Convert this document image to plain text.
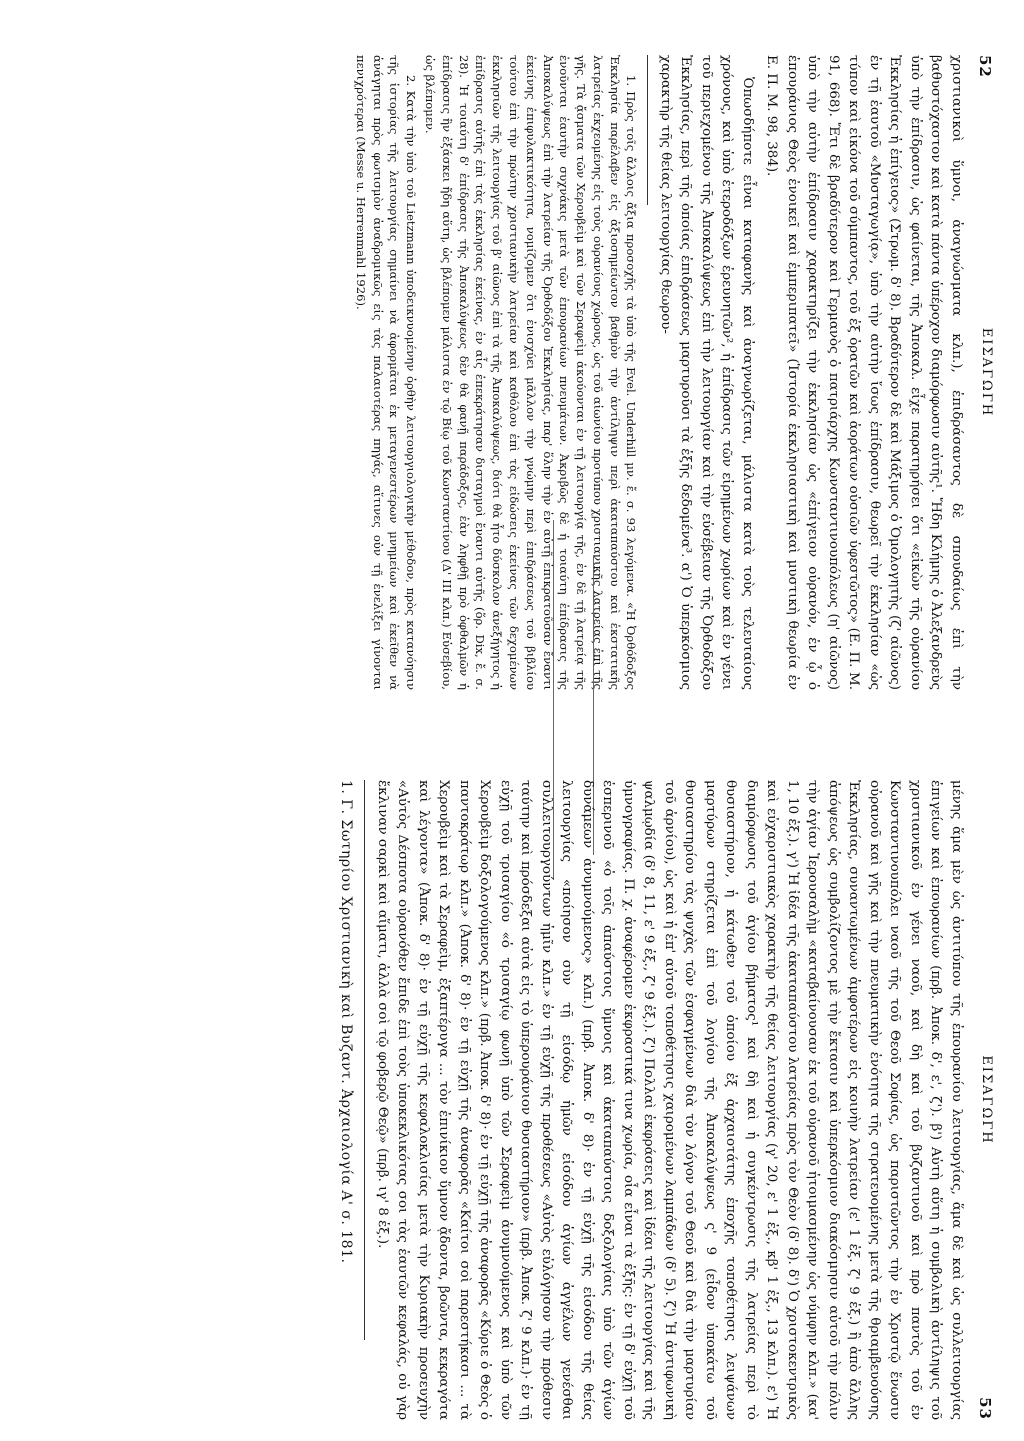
52
ΕΙΣΑΓΩΓΗ

χριστιανικοὶ ὕμνοι, ἀναγνώσματα κλπ.), ἐπιδράσαντος δὲ σπουδαίως ἐπὶ τὴν βαθυστόχαστον καὶ κατὰ πάντα ὑπέροχον διαμόρφωσιν αὐτῆς¹. Ἤδη Κλήμης ὁ Ἀλεξανδρεὺς ὑπὸ τὴν ἐπίδρασιν, ὡς φαίνεται, τῆς Ἀποκαλ. εἶχε παρατηρήσει ὅτι «εἰκὼν τῆς οὐρανίου Ἐκκλησίας ἡ ἐπίγειος» (Στρωμ. δ' 8). Βραδύτερον δὲ καὶ Μάξιμος ὁ Ὁμολογητὴς (ζ' αἰῶνος) ἐν τῇ ἑαυτοῦ «Μυσταγωγίᾳ», ὑπὸ τὴν αὐτὴν ἴσως ἐπίδρασιν, θεωρεῖ τὴν ἐκκλησίαν «ὡς τύπον καὶ εἰκόνα τοῦ σύμπαντος, τοῦ ἐξ ὁρατῶν καὶ ἀοράτων οὐσιῶν ὑφεστῶτος» (Ε. Π. Μ. 91, 668). Ἔτι δὲ βραδύτερον καὶ Γερμανὸς ὁ πατριάρχης Κωνσταντινουπόλεως (η' αἰῶνος) ὑπὸ τὴν αὐτὴν ἐπίδρασιν χαρακτηρίζει τὴν ἐκκλησίαν ὡς «ἐπίγειον οὐρανόν, ἐν ᾧ ὁ ἐπουράνιος Θεὸς ἐνοικεῖ καὶ ἐμπεριπατεῖ» (Ἱστορία ἐκκλησιαστικὴ καὶ μυστικὴ θεωρία ἐν Ε. Π. Μ. 98, 384).

Ὁπωσδήποτε εἶναι καταφανὴς καὶ ἀναγνωρίζεται, μάλιστα κατὰ τοὺς τελευταίους χρόνους, καὶ ὑπὸ ἑτεροδόξων ἐρευνητῶν², ἡ ἐπίδρασις τῶν εἰρημένων χωρίων καὶ ἐν γένει τοῦ περιεχομένου τῆς Ἀποκαλύψεως ἐπὶ τὴν λειτουργίαν καὶ τὴν εὐσέβειαν τῆς Ὀρθοδόξου Ἐκκλησίας, περὶ τῆς ὁποίας ἐπιδράσεως μαρτυροῦσι τὰ ἑξῆς δεδομένα³. α') Ὁ ὑπερκόσμιος χαρακτὴρ τῆς θείας λειτουργίας θεωρου-

1. Πρὸς τοῖς ἄλλοις ἄξια προσοχῆς τὰ ὑπὸ τῆς Evel. Underhill μν. ἔ. σ. 93 λεγόμενα. «Ἡ Ὀρθόδοξος Ἐκκλησία παρέλαβεν εἰς ἀξιοσημείωτον βαθμὸν τὴν ἀντίληψιν περὶ ἀκαταπαύστου καὶ ἐκστατικῆς λατρείας ἐκχεομένης εἰς τοὺς οὐρανίους χώρους, ὡς τοῦ αἰωνίου προτύπου χριστιανικῆς λατρείας ἐπὶ τῆς γῆς. Τὰ ᾄσματα τῶν Χερουβεὶμ καὶ τῶν Σεραφεὶμ ἀκούονται ἐν τῇ λειτουργίᾳ τῆς, ἐν δὲ τῇ λατρείᾳ τῆς ἑνοῦνται ἑαυτὴν συχνάκις μετὰ τῶν ἐπουρανίων πνευμάτων. Ἀκριβῶς δὲ ἡ τοιαύτη ἐπίδρασις τῆς Ἀποκαλύψεως ἐπὶ τὴν λατρείαν τῆς Ὀρθοδόξου Ἐκκλησίας, παρ' ὅλην τὴν ἐν αὐτῇ ἐπικρατοῦσαν ἔναντι ἐκείνης ἐπιφυλακτικότητα, νομίζομεν ὅτι ἐνισχύει μᾶλλον τὴν γνώμην περὶ ἐπιδράσεως τοῦ βιβλίου τούτου ἐπὶ τὴν πρώτην χριστιανικὴν λατρείαν καὶ καθόλου ἐπὶ τὰς εἰδώσεις ἐκείνας τῶν δεχομένων ἐκκλησιῶν τῆς λειτουργίας τοῦ β' αἰῶνος ἐπὶ τὰ τῆς Ἀποκαλύψεως, διότι θὰ ἦτο δύσκολον ἀνεξήγητος ἡ ἐπίδρασις αὐτῆς ἐπὶ τὰς ἐκκλησίας ἐκείνας, ἐν αἷς ἐπεκράτησαν δισταγμοὶ ἔναντι αὐτῆς (ὅρ. Dix, ἔ. σ. 28). Ἡ τοιαύτη δ' ἐπίδρασις τῆς Ἀποκαλύψεως δὲν θὰ φανῇ παράδοξος, ἐὰν ληφθῇ πρὸ ὀφθαλμῶν ἡ ἐπίδρασις ἣν ἐξάσκει ἤδη αὕτη, ὡς βλέπομεν μάλιστα ἐν τῷ Βίῳ τοῦ Κωνσταντίνου (Δ' III κλπ.) Εὐσεβίου, ὡς βλέπομεν.

2. Κατὰ τὴν ὑπὸ τοῦ Lietzmann ὑποδεικνυομένην ὀρθὴν λειτουργιολογικὴν μέθοδον, πρὸς κατανόησιν τῆς ἱστορίας τῆς λειτουργίας σημαίνει νὰ ἀφορμᾶται ἐκ μεταγενεστέρων μνημείων καὶ ἐκεῖθεν νὰ ἀνάγηται πρὸς φωτισμὸν ἀναδρομικῶς εἰς τὰς παλαιοτέρας πηγάς, αἵτινες οὐν τῇ ἐνελίξει γίνονται πενιχρότεραι (Messe u. Herrenmahl 1926).

ΕΙΣΑΓΩΓΗ
53

μένης ἅμα μὲν ὡς ἀντιτύπου τῆς ἐπουρανίου λειτουργίας, ἅμα δὲ καὶ ὡς συλλειτουργίας ἐπιγείων καὶ ἐπουρανίων (πρβ. Ἀποκ. δ', ε', ζ'). β') Αὐτὴ αὕτη ἡ συμβολικὴ ἀντίληψις τοῦ χριστιανικοῦ ἐν γένει ναοῦ, καὶ δὴ καὶ τοῦ βυζαντινοῦ καὶ πρὸ παντὸς τοῦ ἐν Κωνσταντινουπόλει ναοῦ τῆς τοῦ Θεοῦ Σοφίας, ὡς παριστῶντος τὴν ἐν Χριστῷ ἕνωσιν οὐρανοῦ καὶ γῆς καὶ τὴν πνευματικὴν ἑνότητα τῆς στρατευομένης μετὰ τῆς θριαμβευούσης Ἐκκλησίας, συναντωμένων ἀμφοτέρων εἰς κοινὴν λατρείαν (ε' 1 ἑξ. ζ' 9 ἑξ.) ἢ ἀπὸ ἄλλης ἀπόψεως ὡς συμβολίζοντος μὲ τὴν ἔκτασιν καὶ ὑπερκόσμιον διακόσμησιν αὐτοῦ τὴν πόλιν τὴν ἁγίαν Ἱερουσαλὴμ «καταβαίνουσαν ἐκ τοῦ οὐρανοῦ ἡτοιμασμένην ὡς νύμφην κλπ.» (κα' 1, 10 ἑξ.). γ') Ἡ ἰδέα τῆς ἀκαταπαύστου λατρείας πρὸς τὸν Θεὸν (δ' 8). δ') Ὁ χριστοκεντρικὸς καὶ εὐχαριστιακὸς χαρακτὴρ τῆς θείας λειτουργίας (γ' 20, ε' 1 ἑξ., κβ' 1 ἑξ., 13 κλπ.). ε') Ἡ διαμόρφωσις τοῦ ἁγίου βήματος¹ καὶ δὴ καὶ ἡ συγκέντρωσις τῆς λατρείας περὶ τὸ θυσιαστήριον, ἡ κάτωθεν τοῦ ὁποίου ἐξ ἀρχαιοτάτης ἐποχῆς τοποθέτησις λειψάνων μαρτύρων στηρίζεται ἐπὶ τοῦ λογίου τῆς Ἀποκαλύψεως ς' 9 (εἶδον ὑποκάτω τοῦ θυσιαστηρίου τὰς ψυχὰς τῶν ἐσφαγμένων διὰ τὸν λόγον τοῦ Θεοῦ καὶ διὰ τὴν μαρτυρίαν τοῦ ἀρνίου), ὡς καὶ ἡ ἐπ' αὐτοῦ τοποθέτησις χαιρομένων λαμπάδων (δ' 5). ζ') Ἡ ἀντιφωνικὴ ψαλμῳδία (δ' 8, 11, ε' 9 ἑξ., ζ' 9 ἑξ.). ζ') Πολλαὶ ἐκφράσεις καὶ ἰδέαι τῆς λειτουργίας καὶ τῆς ὑμνογραφίας. Π. χ. ἀναφέρομεν ἐκφραστικά τινα χωρία, οἷα εἶναι τὰ ἑξῆς: ἐν τῇ δ' εὐχῇ τοῦ ἑσπερινοῦ «ὁ τοῖς ἀπαύστοις ὕμνοις καὶ ἀκαταπαύστοις δοξολογίαις ὑπὸ τῶν ἁγίων δυνάμεων ἀνυμνούμενος» κλπ.) (πρβ. Ἀποκ. δ' 8)· ἐν τῇ εὐχῇ τῆς εἰσόδου τῆς θείας λειτουργίας «ποίησον σὺν τῇ εἰσόδῳ ἡμῶν εἰσόδου ἁγίων ἀγγέλων γενέσθαι συλλειτουργούντων ἡμῖν κλπ.» ἐν τῇ εὐχῇ τῆς προθέσεως «Αὐτὸς εὐλόγησον τὴν πρόθεσιν ταύτην καὶ πρόσδεξαι αὐτὰ εἰς τὸ ὑπερουράνιον θυσιαστήριον» (πρβ. Ἀποκ. ζ' 9 κλπ.)· ἐν τῇ εὐχῇ τοῦ τρισαγίου «ὁ τρισαγίῳ φωνῇ ὑπὸ τῶν Σεραφεὶμ ἀνυμνούμενος καὶ ὑπὸ τῶν Χερουβεὶμ δοξολογούμενος κλπ.» (πρβ. Ἀποκ. δ' 8)· ἐν τῇ εὐχῇ τῆς ἀναφορᾶς «Κύριε ὁ Θεὸς ὁ παντοκράτωρ κλπ.» (Ἀποκ. δ' 8)· ἐν τῇ εὐχῇ τῆς ἀναφορᾶς «Καίτοι σοὶ παρεστήκασι ... τὰ Χερουβεὶμ καὶ τὰ Σεραφεὶμ, ἑξαπτέρυγα ... τὸν ἐπινίκιον ὕμνον ᾄδοντα, βοῶντα, κεκραγότα καὶ λέγοντα» (Ἀποκ. δ' 8)· ἐν τῇ εὐχῇ τῆς κεφαλοκλισίας μετὰ τὴν Κυριακὴν προσευχὴν «Αὐτὸς Δέσποτα οὐρανόθεν ἔπιδε ἐπὶ τοὺς ὑποκεκλικότας σοι τὰς ἑαυτῶν κεφαλάς, οὐ γὰρ ἔκλιναν σαρκὶ καὶ αἵματι, ἀλλὰ σοὶ τῷ φοβερῷ Θεῷ» (πρβ. ιγ' 8 ἑξ.).

1. Γ. Σωτηρίου Χριστιανικὴ καὶ Βυζαντ. Ἀρχαιολογία Α' σ. 181.
